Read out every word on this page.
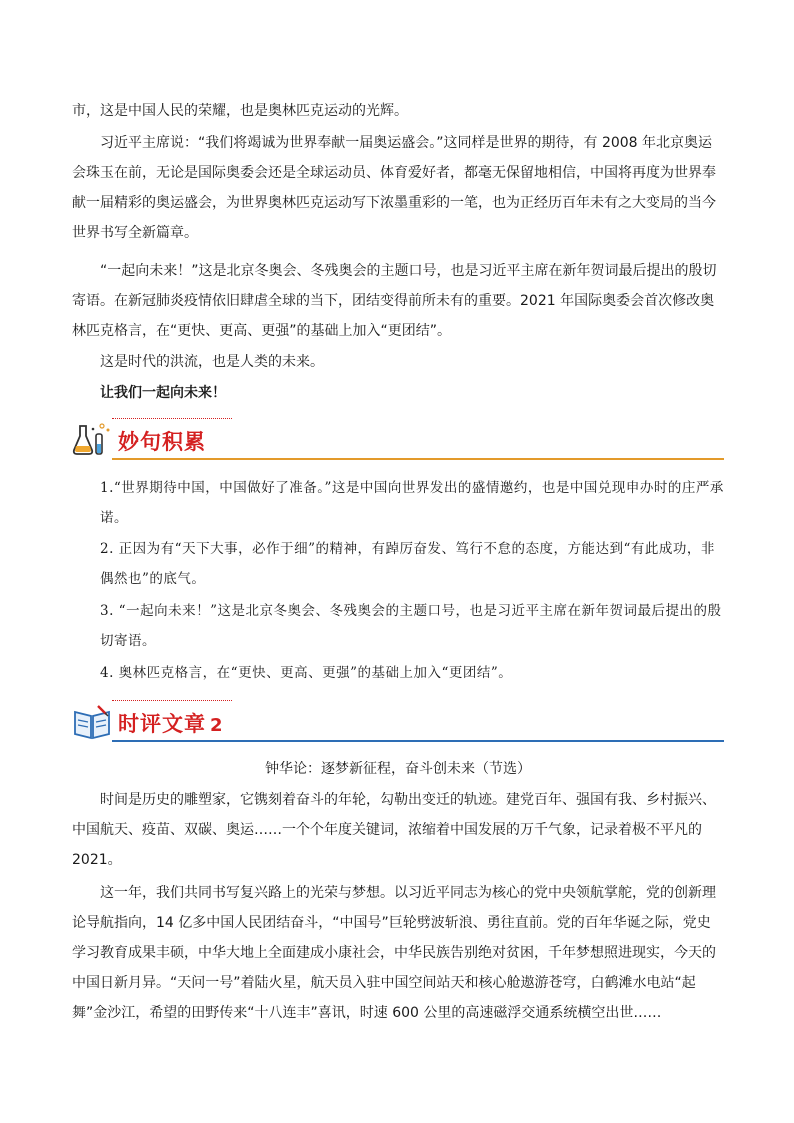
市，这是中国人民的荣耀，也是奥林匹克运动的光辉。

习近平主席说：“我们将竭诚为世界奉献一届奥运盛会。”这同样是世界的期待，有 2008 年北京奥运会珠玉在前，无论是国际奥委会还是全球运动员、体育爱好者，都毫无保留地相信，中国将再度为世界奉献一届精彩的奥运盛会，为世界奥林匹克运动写下浓墨重彩的一笔，也为正经历百年未有之大变局的当今世界书写全新篇章。

“一起向未来！”这是北京冬奥会、冬残奥会的主题口号，也是习近平主席在新年贺词最后提出的殷切寄语。在新冠肺炎疫情依旧肆虐全球的当下，团结变得前所未有的重要。2021 年国际奥委会首次修改奥林匹克格言，在“更快、更高、更强”的基础上加入“更团结”。

这是时代的洪流，也是人类的未来。

让我们一起向未来！

妙句积累

1.“世界期待中国，中国做好了准备。”这是中国向世界发出的盛情邀约，也是中国兑现申办时的庄严承诺。

2. 正因为有“天下大事，必作于细”的精神，有踔厉奋发、笃行不怠的态度，方能达到“有此成功，非偶然也”的底气。

3. “一起向未来！”这是北京冬奥会、冬残奥会的主题口号，也是习近平主席在新年贺词最后提出的殷切寄语。

4. 奥林匹克格言，在“更快、更高、更强”的基础上加入“更团结”。

时评文章 2
钟华论：逐梦新征程，奋斗创未来（节选）

时间是历史的雕塑家，它镌刻着奋斗的年轮，勾勒出变迁的轨迹。建党百年、强国有我、乡村振兴、中国航天、疫苗、双碳、奥运……一个个年度关键词，浓缩着中国发展的万千气象，记录着极不平凡的 2021。

这一年，我们共同书写复兴路上的光荣与梦想。以习近平同志为核心的党中央领航掌舵，党的创新理论导航指向，14 亿多中国人民团结奋斗，“中国号”巨轮劈波斩浪、勇往直前。党的百年华诞之际，党史学习教育成果丰硕，中华大地上全面建成小康社会，中华民族告别绝对贫困，千年梦想照进现实，今天的中国日新月异。“天问一号”着陆火星，航天员入驻中国空间站天和核心舱遨游苍穹，白鹤滩水电站“起舞”金沙江，希望的田野传来“十八连丰”喜讯，时速 600 公里的高速磁浮交通系统横空出世……
